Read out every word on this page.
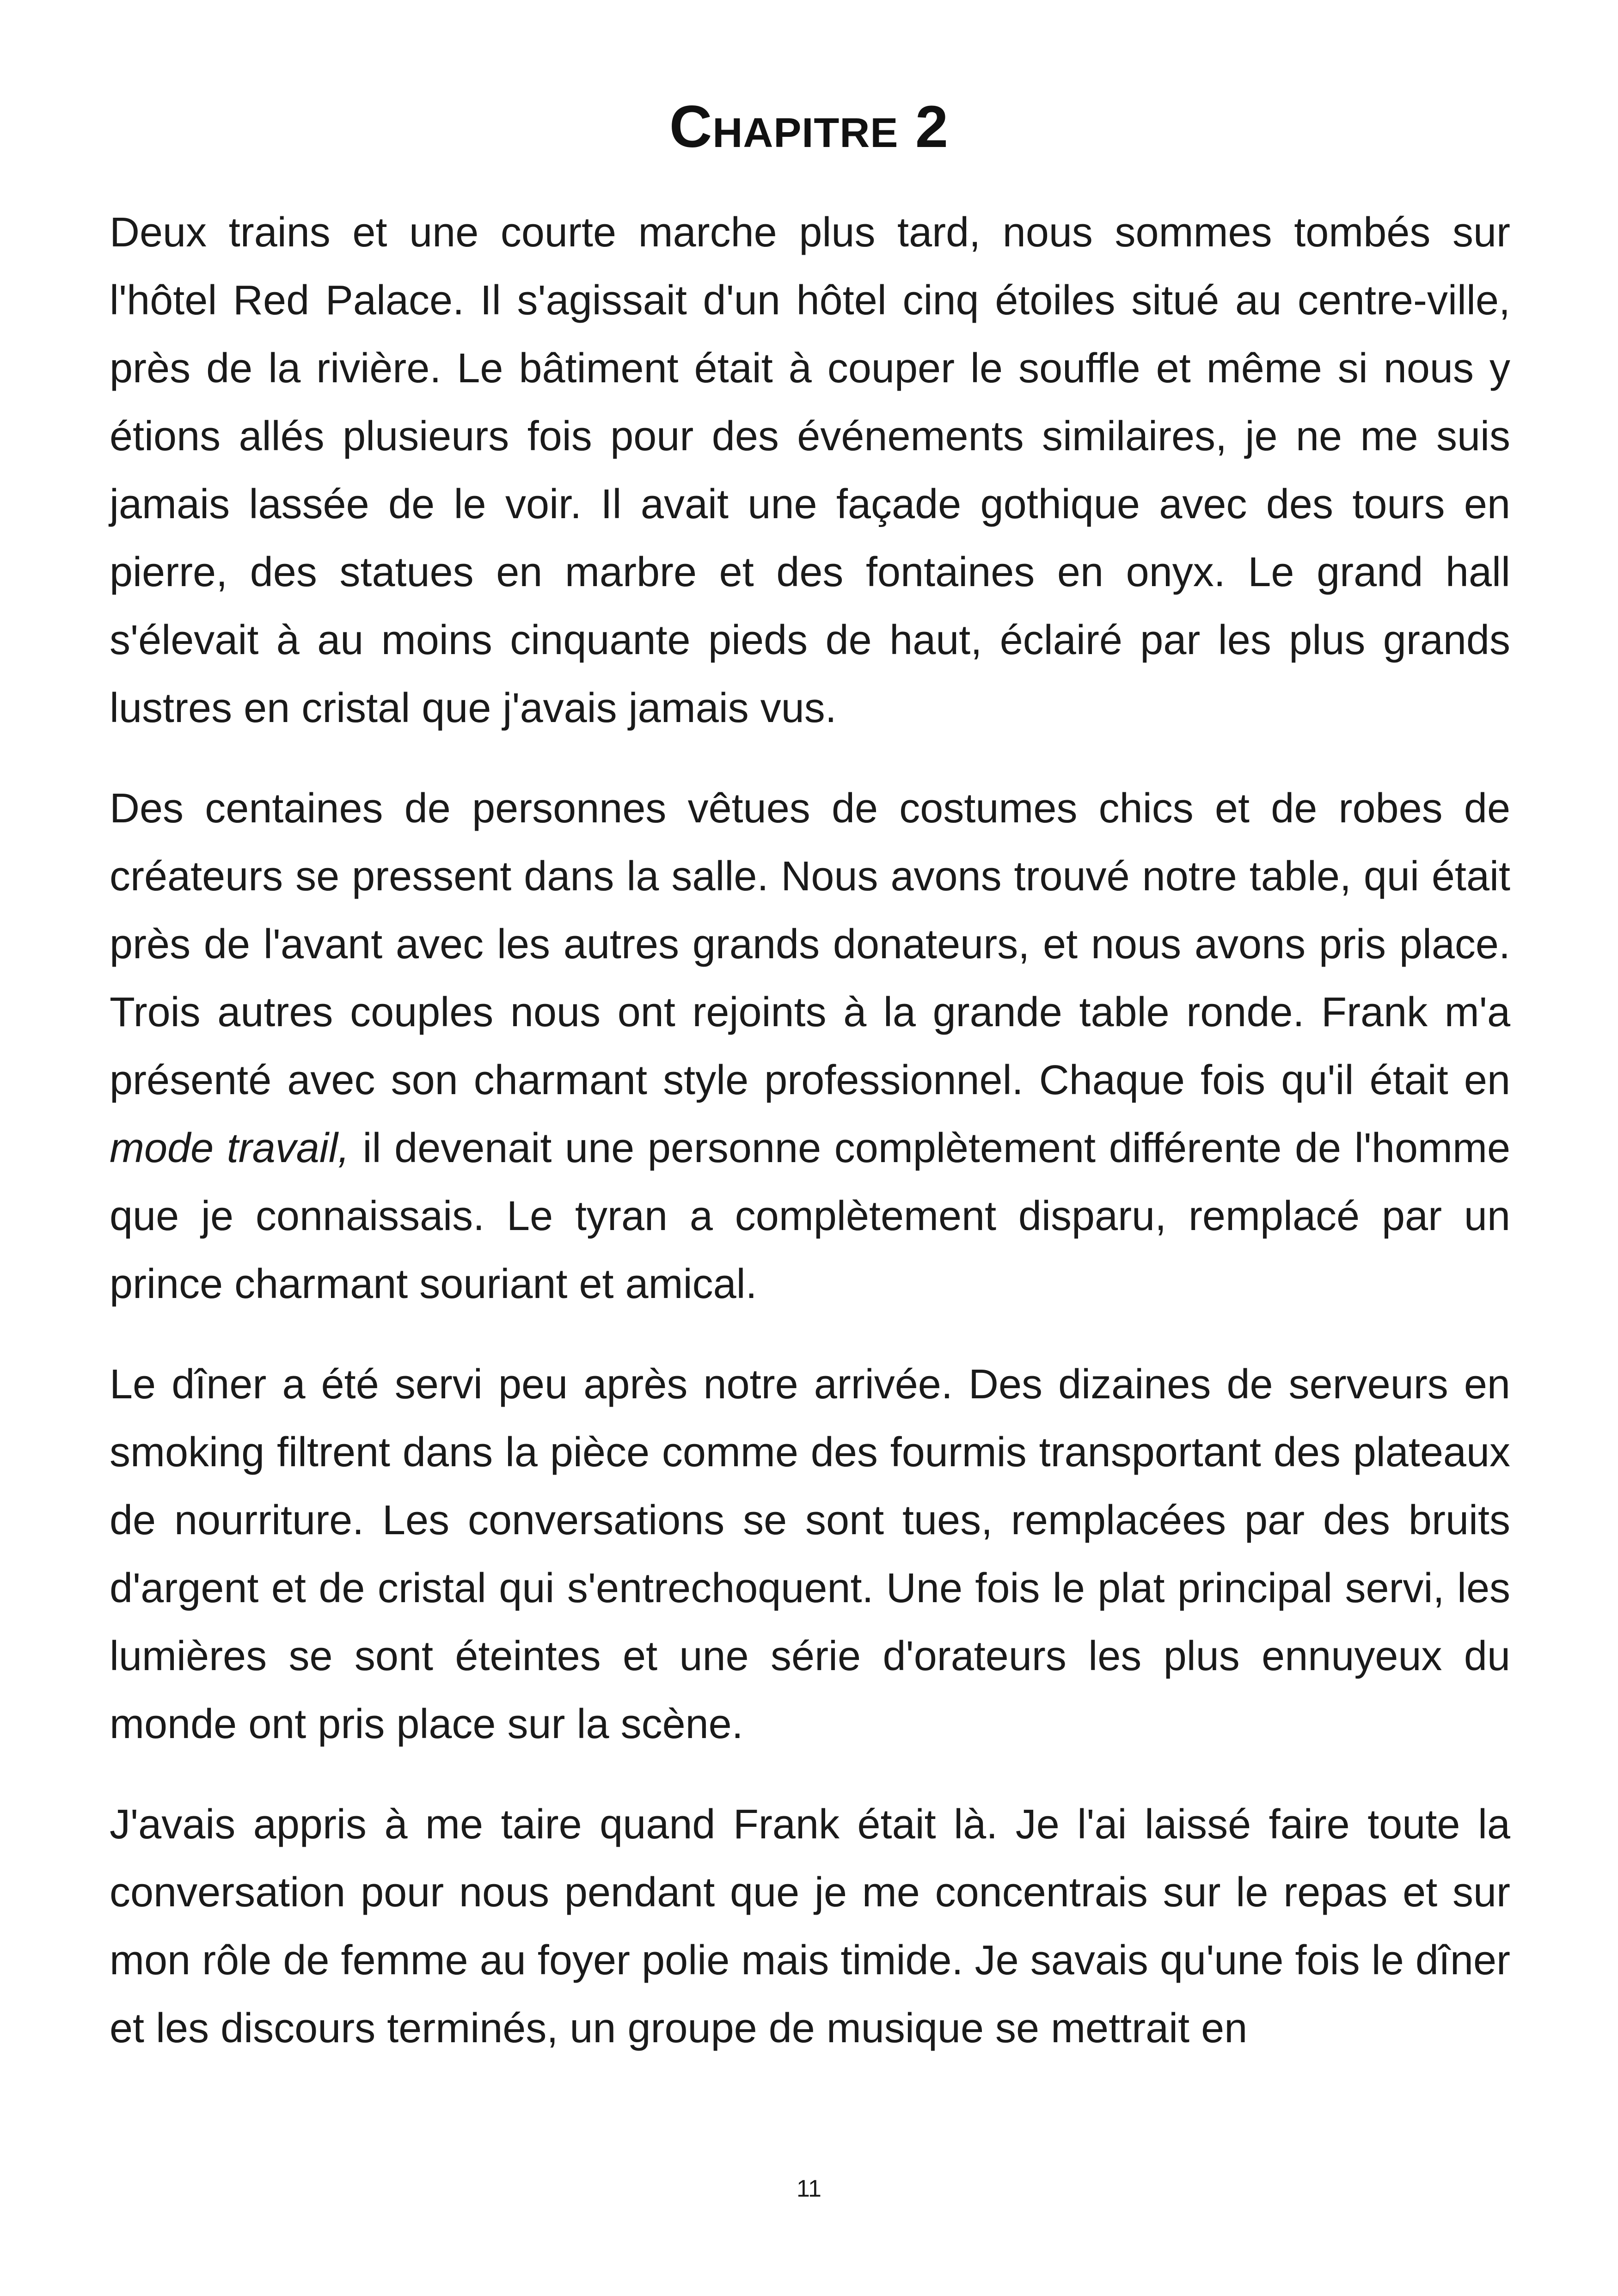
Chapitre 2

Deux trains et une courte marche plus tard, nous sommes tombés sur l'hôtel Red Palace. Il s'agissait d'un hôtel cinq étoiles situé au centre-ville, près de la rivière. Le bâtiment était à couper le souffle et même si nous y étions allés plusieurs fois pour des événements similaires, je ne me suis jamais lassée de le voir. Il avait une façade gothique avec des tours en pierre, des statues en marbre et des fontaines en onyx. Le grand hall s'élevait à au moins cinquante pieds de haut, éclairé par les plus grands lustres en cristal que j'avais jamais vus.

Des centaines de personnes vêtues de costumes chics et de robes de créateurs se pressent dans la salle. Nous avons trouvé notre table, qui était près de l'avant avec les autres grands donateurs, et nous avons pris place. Trois autres couples nous ont rejoints à la grande table ronde. Frank m'a présenté avec son charmant style professionnel. Chaque fois qu'il était en mode travail, il devenait une personne complètement différente de l'homme que je connaissais. Le tyran a complètement disparu, remplacé par un prince charmant souriant et amical.

Le dîner a été servi peu après notre arrivée. Des dizaines de serveurs en smoking filtrent dans la pièce comme des fourmis transportant des plateaux de nourriture. Les conversations se sont tues, remplacées par des bruits d'argent et de cristal qui s'entrechoquent. Une fois le plat principal servi, les lumières se sont éteintes et une série d'orateurs les plus ennuyeux du monde ont pris place sur la scène.

J'avais appris à me taire quand Frank était là. Je l'ai laissé faire toute la conversation pour nous pendant que je me concentrais sur le repas et sur mon rôle de femme au foyer polie mais timide. Je savais qu'une fois le dîner et les discours terminés, un groupe de musique se mettrait en

11
